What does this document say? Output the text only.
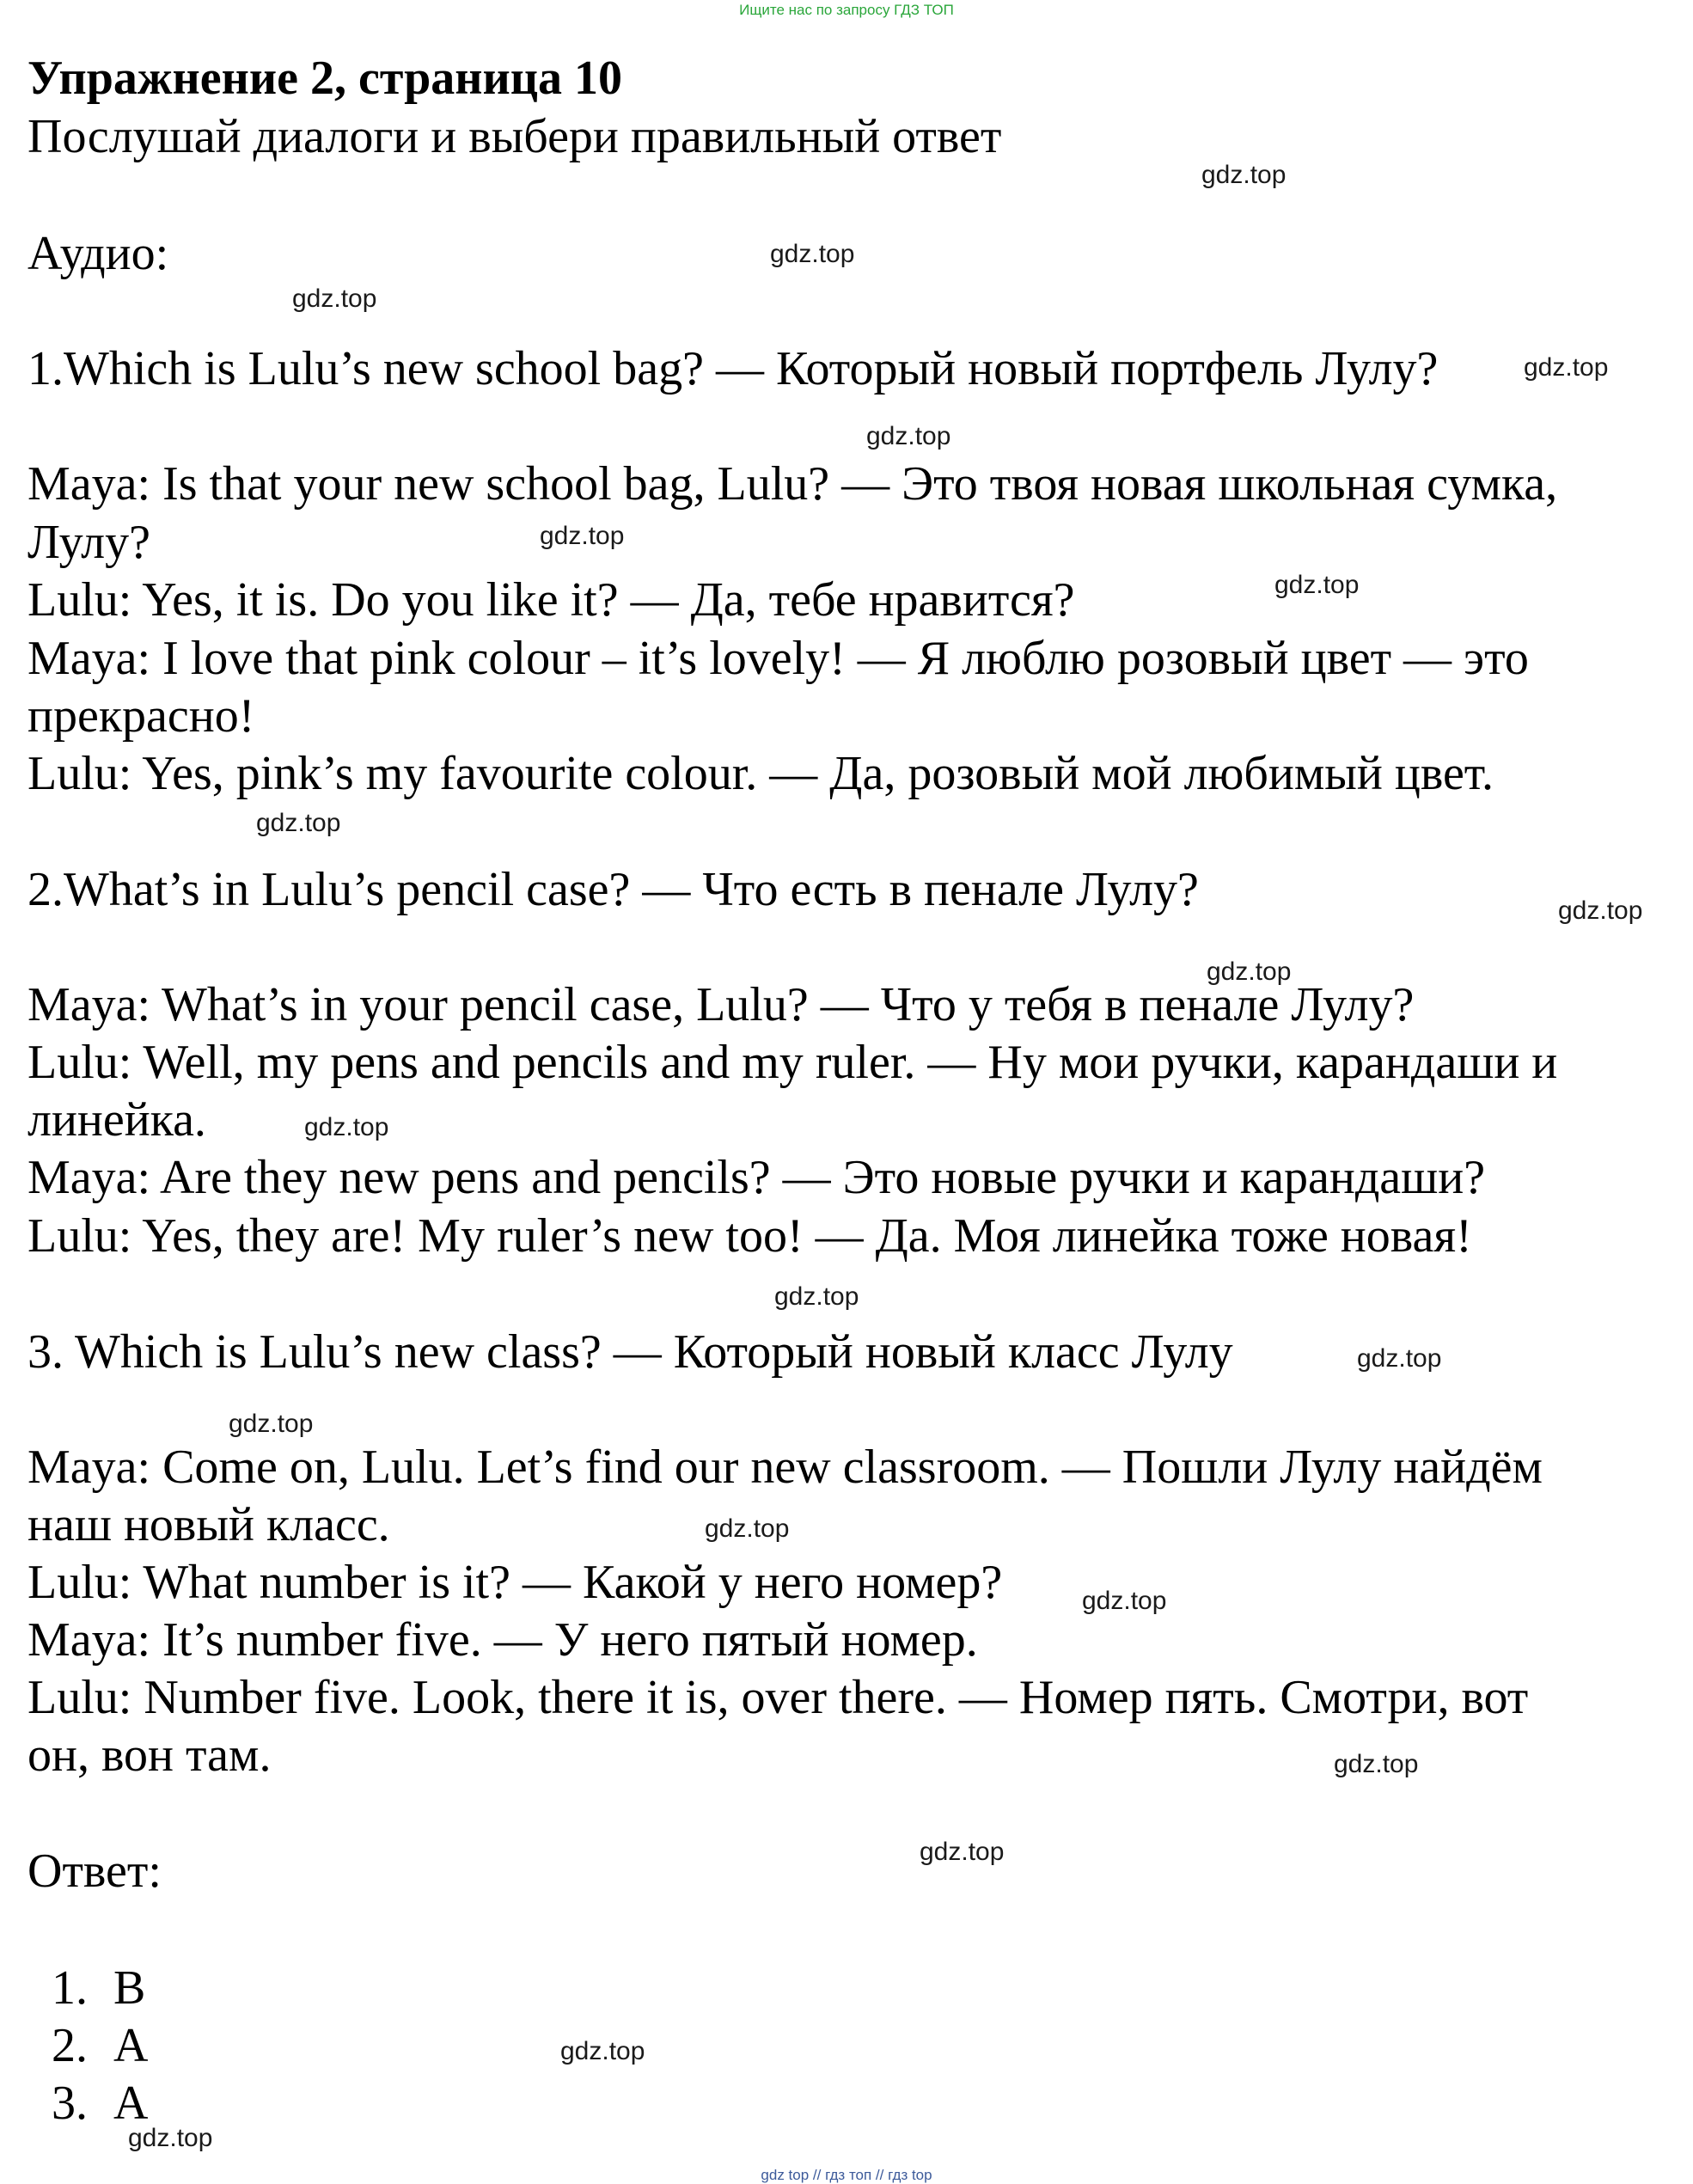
Ищите нас по запросу ГДЗ ТОП
Упражнение 2, страница 10
Послушай диалоги и выбери правильный ответ
Аудио:
1.Which is Lulu’s new school bag? — Который новый портфель Лулу?
Maya: Is that your new school bag, Lulu? — Это твоя новая школьная сумка,
Лулу?
Lulu: Yes, it is. Do you like it? — Да, тебе нравится?
Maya: I love that pink colour – it’s lovely! — Я люблю розовый цвет — это
прекрасно!
Lulu: Yes, pink’s my favourite colour. — Да, розовый мой любимый цвет.
2.What’s in Lulu’s pencil case? — Что есть в пенале Лулу?
Maya: What’s in your pencil case, Lulu? — Что у тебя в пенале Лулу?
Lulu: Well, my pens and pencils and my ruler. — Ну мои ручки, карандаши и
линейка.
Maya: Are they new pens and pencils? — Это новые ручки и карандаши?
Lulu: Yes, they are! My ruler’s new too! — Да. Моя линейка тоже новая!
3. Which is Lulu’s new class? — Который новый класс Лулу
Maya: Come on, Lulu. Let’s find our new classroom. — Пошли Лулу найдём
наш новый класс.
Lulu: What number is it? — Какой у него номер?
Maya: It’s number five. — У него пятый номер.
Lulu: Number five. Look, there it is, over there. — Номер пять. Смотри, вот
он, вон там.
Ответ:
1. B
2. A
3. A
gdz.top
gdz.top
gdz.top
gdz.top
gdz.top
gdz.top
gdz.top
gdz.top
gdz.top
gdz.top
gdz.top
gdz.top
gdz.top
gdz.top
gdz.top
gdz.top
gdz.top
gdz.top
gdz.top
gdz.top
gdz top // гдз топ // гдз top
